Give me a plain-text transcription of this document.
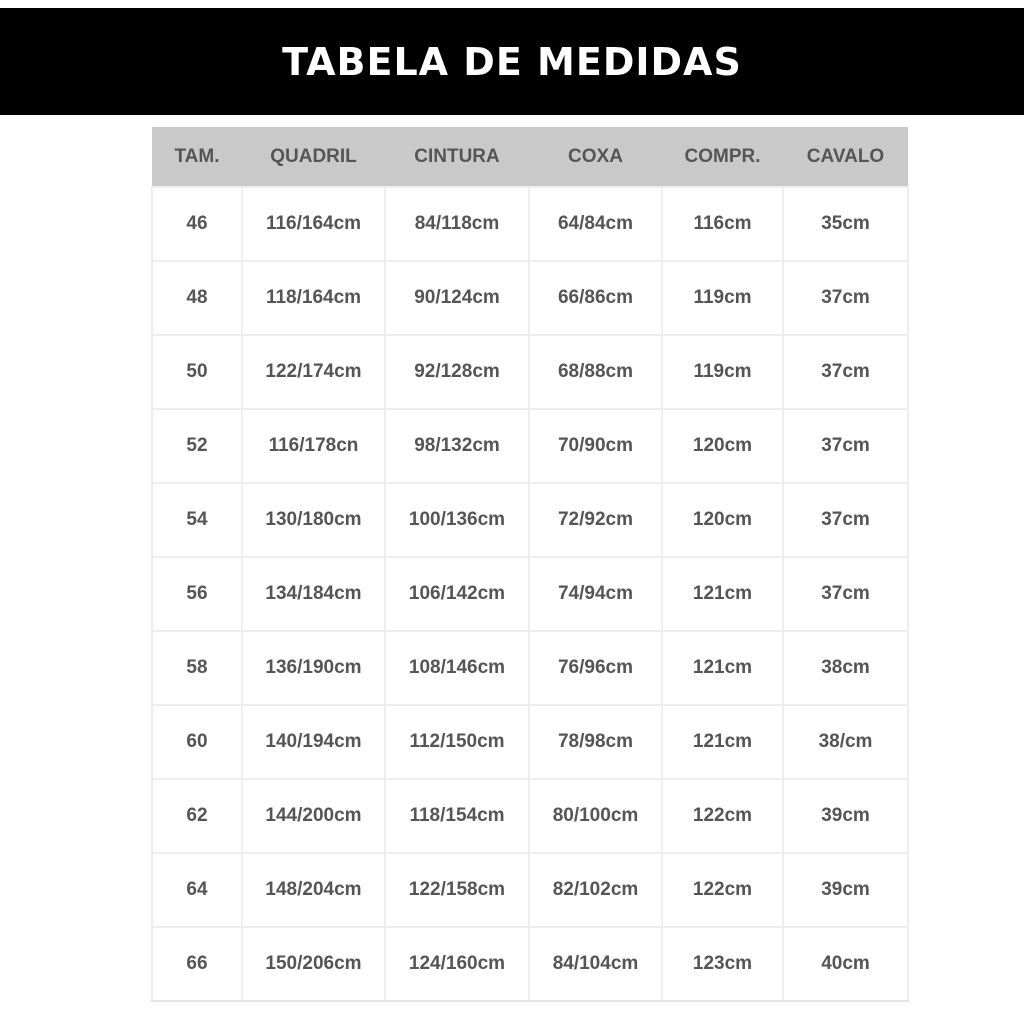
TABELA DE MEDIDAS
TAM.	QUADRIL	CINTURA	COXA	COMPR.	CAVALO
46	116/164cm	84/118cm	64/84cm	116cm	35cm
48	118/164cm	90/124cm	66/86cm	119cm	37cm
50	122/174cm	92/128cm	68/88cm	119cm	37cm
52	116/178cn	98/132cm	70/90cm	120cm	37cm
54	130/180cm	100/136cm	72/92cm	120cm	37cm
56	134/184cm	106/142cm	74/94cm	121cm	37cm
58	136/190cm	108/146cm	76/96cm	121cm	38cm
60	140/194cm	112/150cm	78/98cm	121cm	38/cm
62	144/200cm	118/154cm	80/100cm	122cm	39cm
64	148/204cm	122/158cm	82/102cm	122cm	39cm
66	150/206cm	124/160cm	84/104cm	123cm	40cm
